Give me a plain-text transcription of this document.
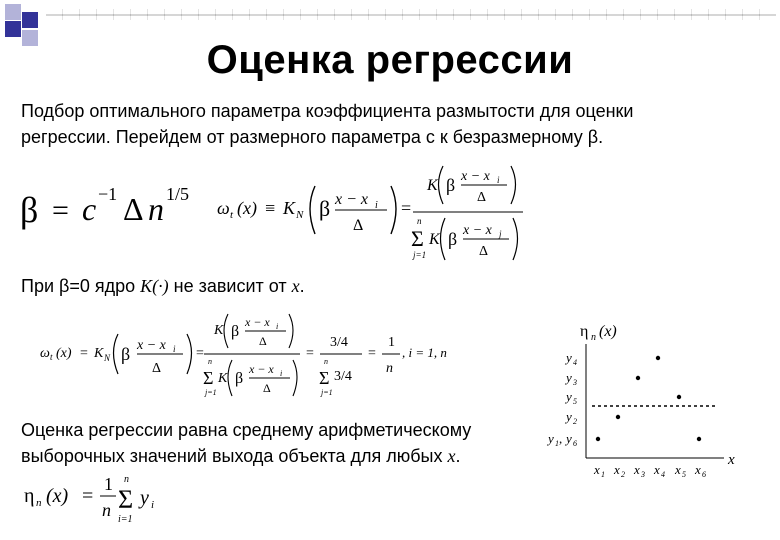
Оценка регрессии
Подбор оптимального параметра коэффициента размытости для оценки
регрессии. Перейдем от размерного параметра с к безразмерному β.
β = c −1 Δ n 1/5
ω t (x) ≡ K N β x − x i
Δ
=
K β x − x i
Δ
n
Σ
j=1
K β x − x j
Δ
При β=0 ядро K(·) не зависит от x.
ω t (x) = K N β x − x i
Δ
=
K β
x − x i
Δ
n
Σ
j=1
K β
x − x i
Δ
=
3/4
n
Σ
j=1
3/4
=
1
n
, i = 1, n
Оценка регрессии равна среднему арифметическому
выборочных значений выхода объекта для любых x.
η n (x) =
1
n
n
Σ
i=1
y i
η n (x)
x
y 4
y 3
y 5
y 2
y 1 , y 6
x 1 x 2 x 3 x 4 x 5 x 6
